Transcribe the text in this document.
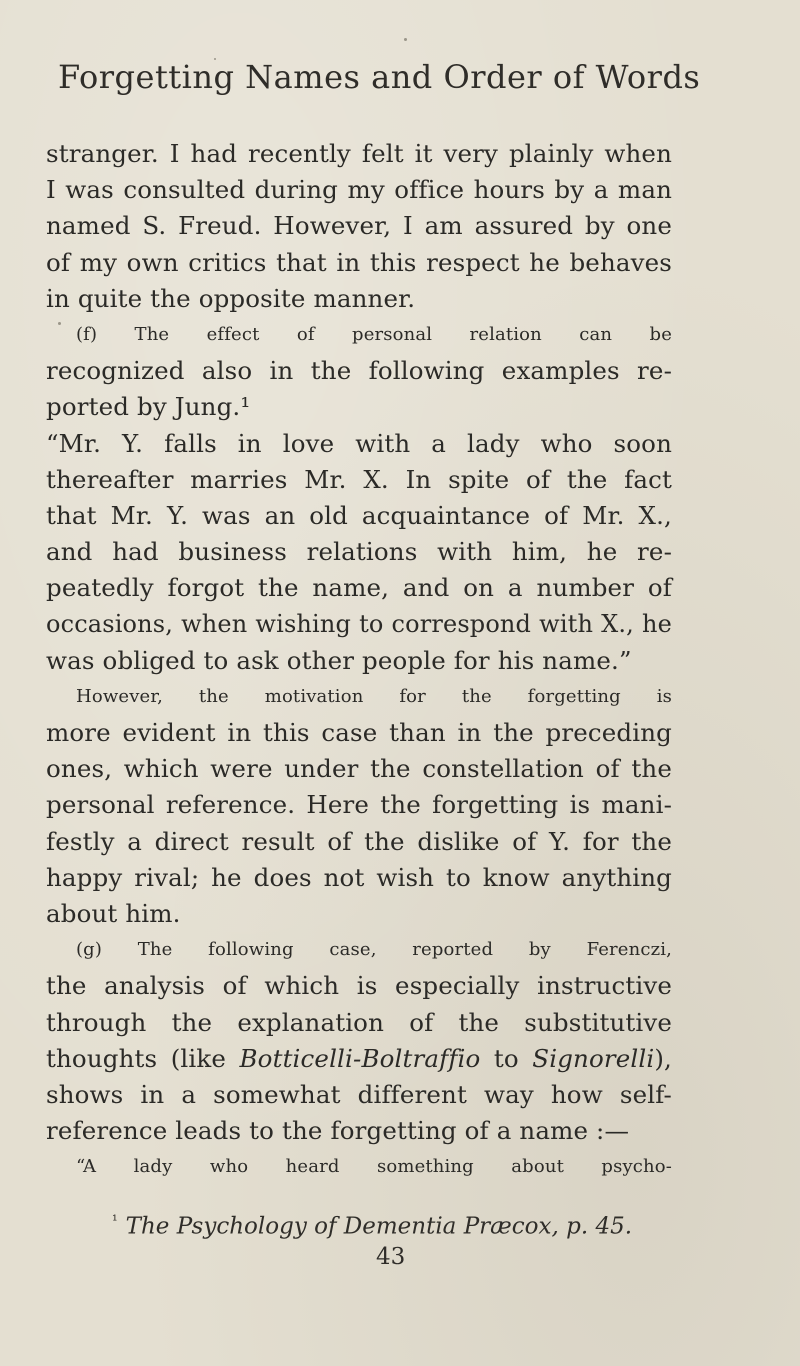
Forgetting Names and Order of Words
stranger. I had recently felt it very plainly when
I was consulted during my office hours by a man
named S. Freud. However, I am assured by one
of my own critics that in this respect he behaves
in quite the opposite manner.
(f) The effect of personal relation can be
recognized also in the following examples re-
ported by Jung.¹
“Mr. Y. falls in love with a lady who soon
thereafter marries Mr. X. In spite of the fact
that Mr. Y. was an old acquaintance of Mr. X.,
and had business relations with him, he re-
peatedly forgot the name, and on a number of
occasions, when wishing to correspond with X., he
was obliged to ask other people for his name.”
However, the motivation for the forgetting is
more evident in this case than in the preceding
ones, which were under the constellation of the
personal reference. Here the forgetting is mani-
festly a direct result of the dislike of Y. for the
happy rival; he does not wish to know anything
about him.
(g) The following case, reported by Ferenczi,
the analysis of which is especially instructive
through the explanation of the substitutive
thoughts (like Botticelli-Boltraffio to Signorelli),
shows in a somewhat different way how self-
reference leads to the forgetting of a name :—
“A lady who heard something about psycho-
$^{^1}$ The Psychology of Dementia Præcox, p. 45.
43
